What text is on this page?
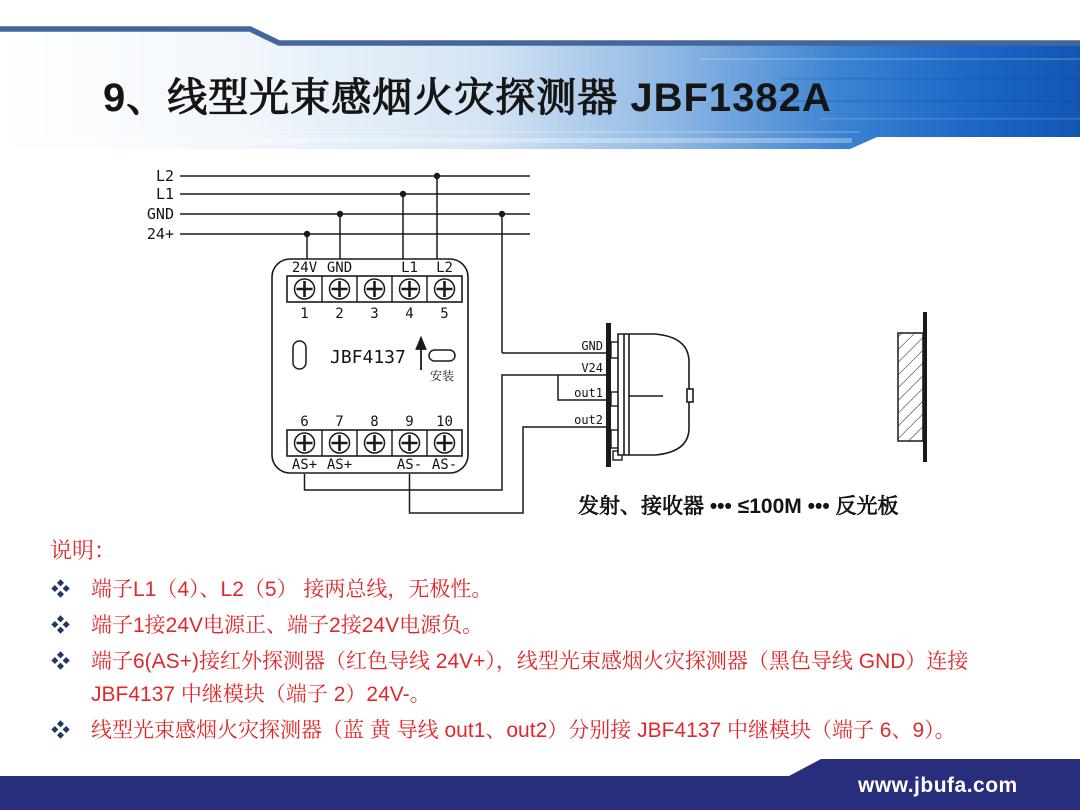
9、线型光束感烟火灾探测器 JBF1382A
L2
L1
GND
24+
24V GND	L1 L2
1 2 3 4 5
6 7 8 9 10
AS+ AS+	AS- AS-
JBF4137
安装
GND
V24
out1
out2
发射、接收器 ••• ≤100M ••• 反光板
说明：
端子L1（4）、L2（5） 接两总线，无极性。
端子1接24V电源正、端子2接24V电源负。
端子6(AS+)接红外探测器（红色导线 24V+），线型光束感烟火灾探测器（黑色导线 GND）连接 JBF4137 中继模块（端子 2）24V-。
线型光束感烟火灾探测器（蓝 黄 导线 out1、out2）分别接 JBF4137 中继模块（端子 6、9）。
www.jbufa.com
